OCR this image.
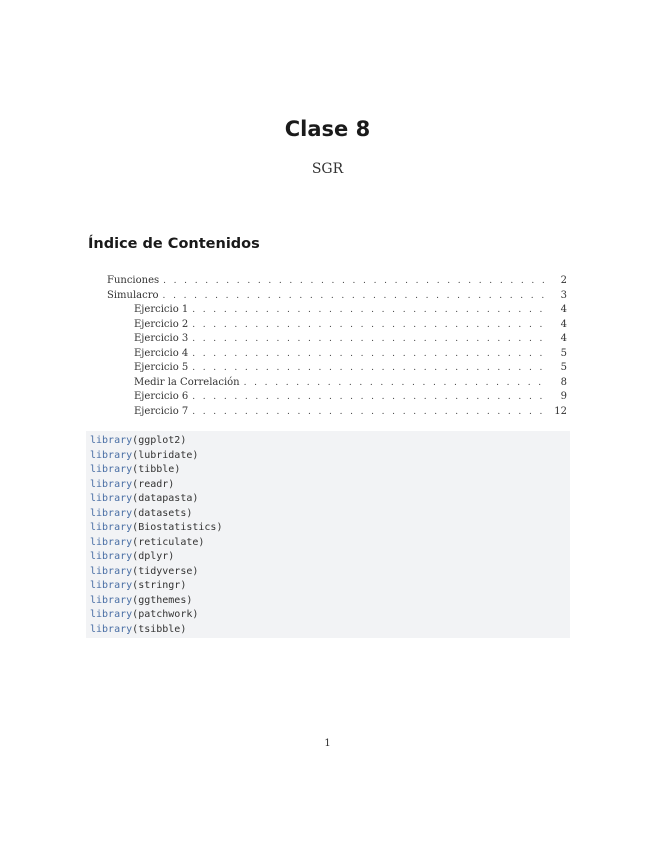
Clase 8
SGR
Índice de Contenidos
Funciones . . .	2
Simulacro . . .	3
Ejercicio 1 . . .	4
Ejercicio 2 . . .	4
Ejercicio 3 . . .	4
Ejercicio 4 . . .	5
Ejercicio 5 . . .	5
Medir la Correlación . . .	8
Ejercicio 6 . . .	9
Ejercicio 7 . . .	12
library(ggplot2)
library(lubridate)
library(tibble)
library(readr)
library(datapasta)
library(datasets)
library(Biostatistics)
library(reticulate)
library(dplyr)
library(tidyverse)
library(stringr)
library(ggthemes)
library(patchwork)
library(tsibble)
1
